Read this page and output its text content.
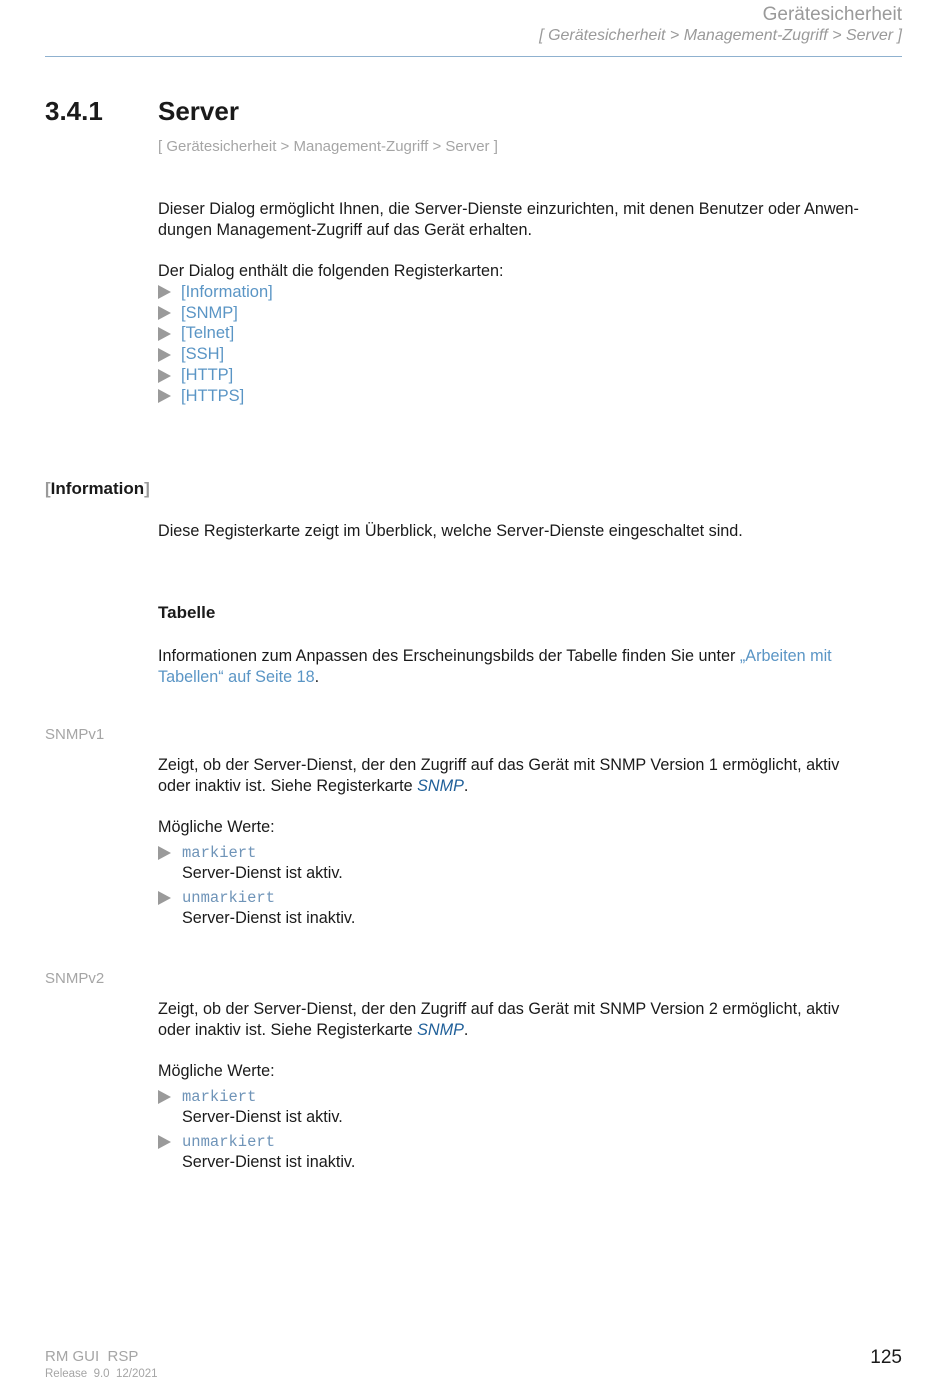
Gerätesicherheit
[ Gerätesicherheit > Management-Zugriff > Server ]
3.4.1 Server
[ Gerätesicherheit > Management-Zugriff > Server ]
Dieser Dialog ermöglicht Ihnen, die Server-Dienste einzurichten, mit denen Benutzer oder Anwen-
dungen Management-Zugriff auf das Gerät erhalten.
Der Dialog enthält die folgenden Registerkarten:
[Information]
[SNMP]
[Telnet]
[SSH]
[HTTP]
[HTTPS]
[Information]
Diese Registerkarte zeigt im Überblick, welche Server-Dienste eingeschaltet sind.
Tabelle
Informationen zum Anpassen des Erscheinungsbilds der Tabelle finden Sie unter „Arbeiten mit
Tabellen“ auf Seite 18.
SNMPv1
Zeigt, ob der Server-Dienst, der den Zugriff auf das Gerät mit SNMP Version 1 ermöglicht, aktiv
oder inaktiv ist. Siehe Registerkarte SNMP.
Mögliche Werte:
markiert
Server-Dienst ist aktiv.
unmarkiert
Server-Dienst ist inaktiv.
SNMPv2
Zeigt, ob der Server-Dienst, der den Zugriff auf das Gerät mit SNMP Version 2 ermöglicht, aktiv
oder inaktiv ist. Siehe Registerkarte SNMP.
Mögliche Werte:
markiert
Server-Dienst ist aktiv.
unmarkiert
Server-Dienst ist inaktiv.
RM GUI  RSP
Release  9.0  12/2021
125
